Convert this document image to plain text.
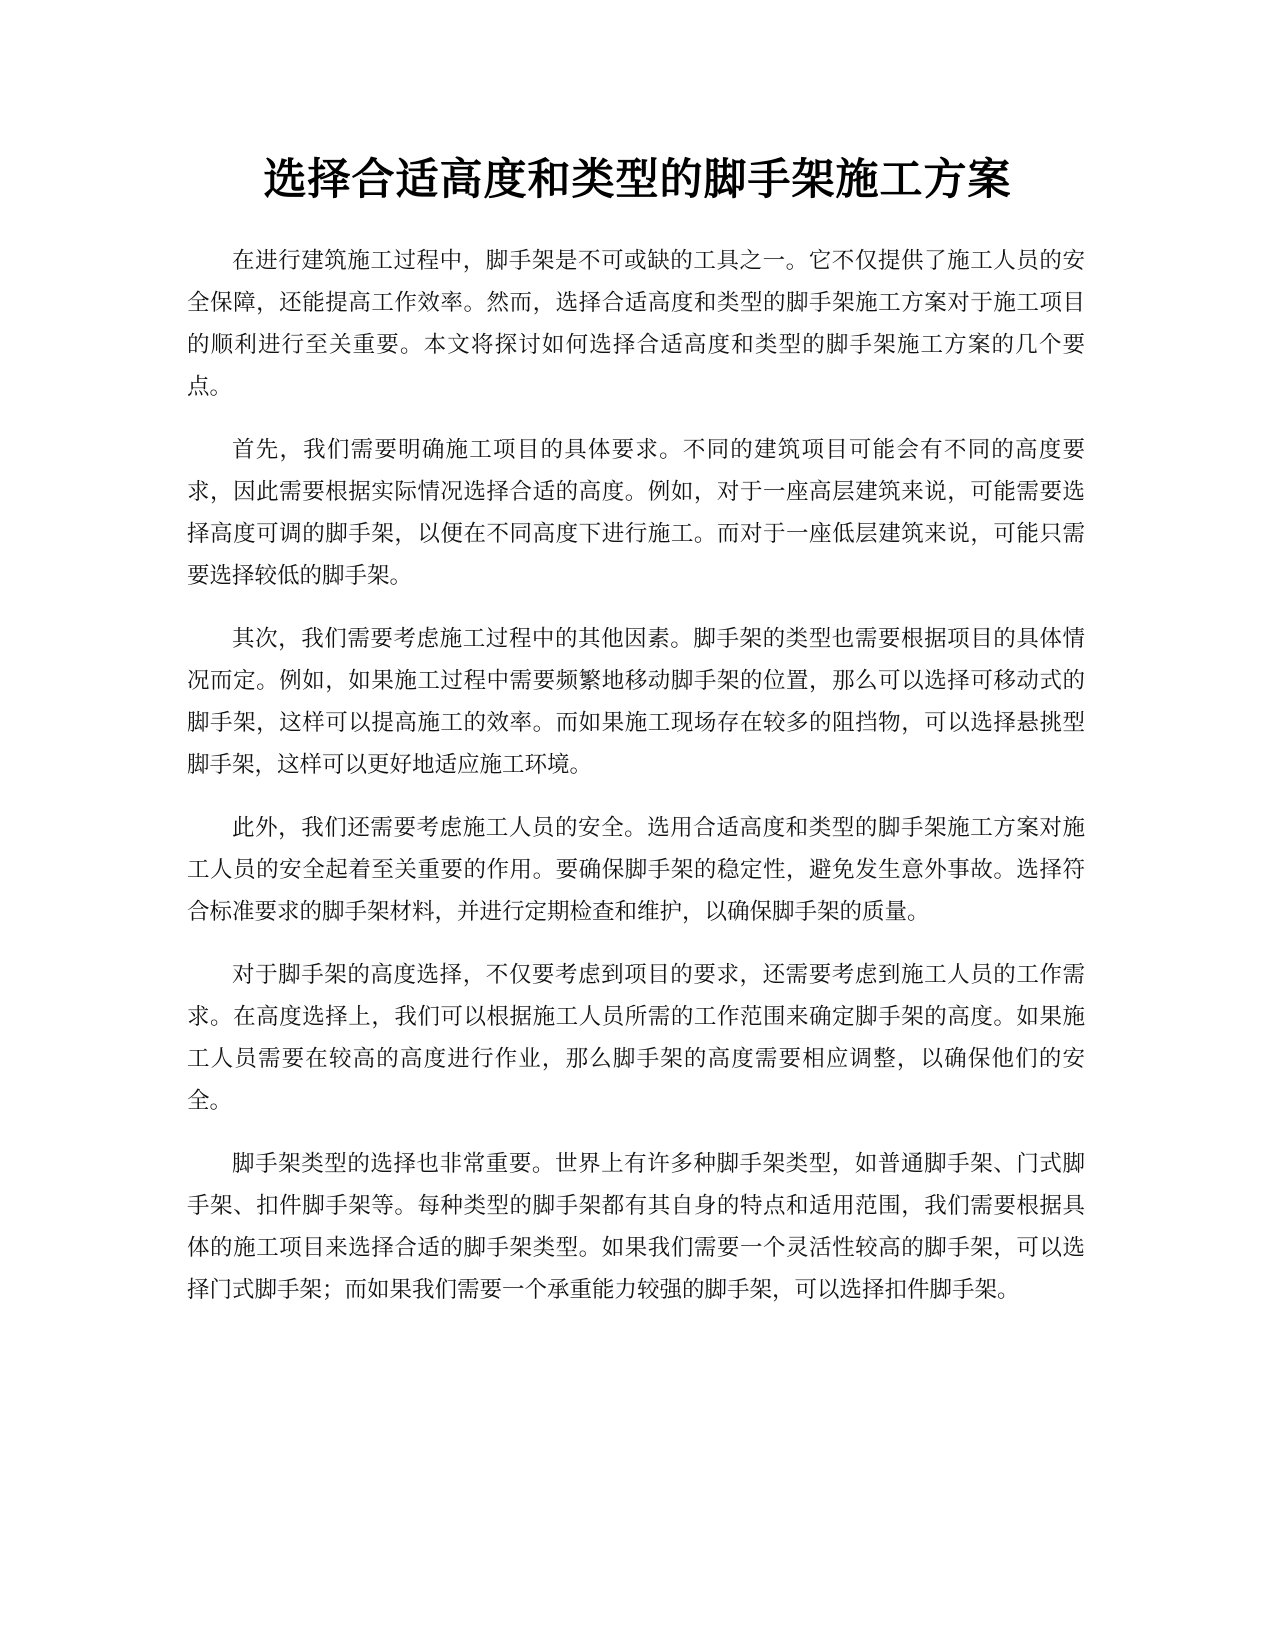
选择合适高度和类型的脚手架施工方案

在进行建筑施工过程中，脚手架是不可或缺的工具之一。它不仅提供了施工人员的安全保障，还能提高工作效率。然而，选择合适高度和类型的脚手架施工方案对于施工项目的顺利进行至关重要。本文将探讨如何选择合适高度和类型的脚手架施工方案的几个要点。

首先，我们需要明确施工项目的具体要求。不同的建筑项目可能会有不同的高度要求，因此需要根据实际情况选择合适的高度。例如，对于一座高层建筑来说，可能需要选择高度可调的脚手架，以便在不同高度下进行施工。而对于一座低层建筑来说，可能只需要选择较低的脚手架。

其次，我们需要考虑施工过程中的其他因素。脚手架的类型也需要根据项目的具体情况而定。例如，如果施工过程中需要频繁地移动脚手架的位置，那么可以选择可移动式的脚手架，这样可以提高施工的效率。而如果施工现场存在较多的阻挡物，可以选择悬挑型脚手架，这样可以更好地适应施工环境。

此外，我们还需要考虑施工人员的安全。选用合适高度和类型的脚手架施工方案对施工人员的安全起着至关重要的作用。要确保脚手架的稳定性，避免发生意外事故。选择符合标准要求的脚手架材料，并进行定期检查和维护，以确保脚手架的质量。

对于脚手架的高度选择，不仅要考虑到项目的要求，还需要考虑到施工人员的工作需求。在高度选择上，我们可以根据施工人员所需的工作范围来确定脚手架的高度。如果施工人员需要在较高的高度进行作业，那么脚手架的高度需要相应调整，以确保他们的安全。

脚手架类型的选择也非常重要。世界上有许多种脚手架类型，如普通脚手架、门式脚手架、扣件脚手架等。每种类型的脚手架都有其自身的特点和适用范围，我们需要根据具体的施工项目来选择合适的脚手架类型。如果我们需要一个灵活性较高的脚手架，可以选择门式脚手架；而如果我们需要一个承重能力较强的脚手架，可以选择扣件脚手架。
